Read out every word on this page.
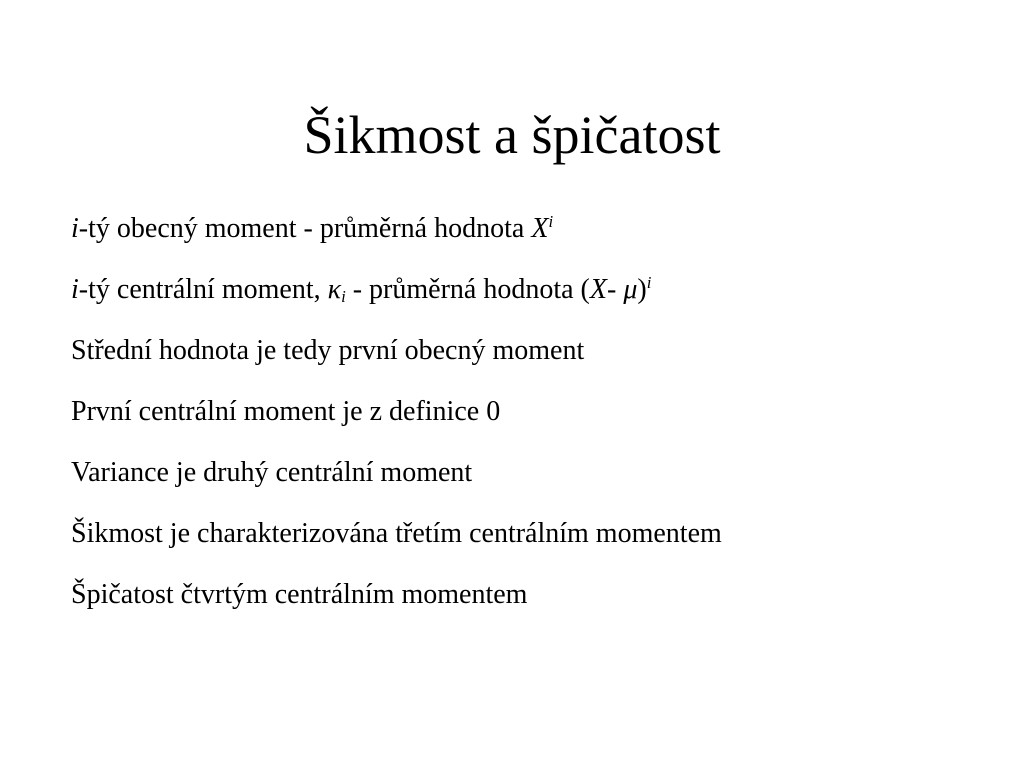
Šikmost a špičatost

i-tý obecný moment - průměrná hodnota $X^i$

i-tý centrální moment, $\kappa_i$ - průměrná hodnota (X- μ)$^i$

Střední hodnota je tedy první obecný moment

První centrální moment je z definice 0

Variance je druhý centrální moment

Šikmost je charakterizována třetím centrálním momentem

Špičatost čtvrtým centrálním momentem
